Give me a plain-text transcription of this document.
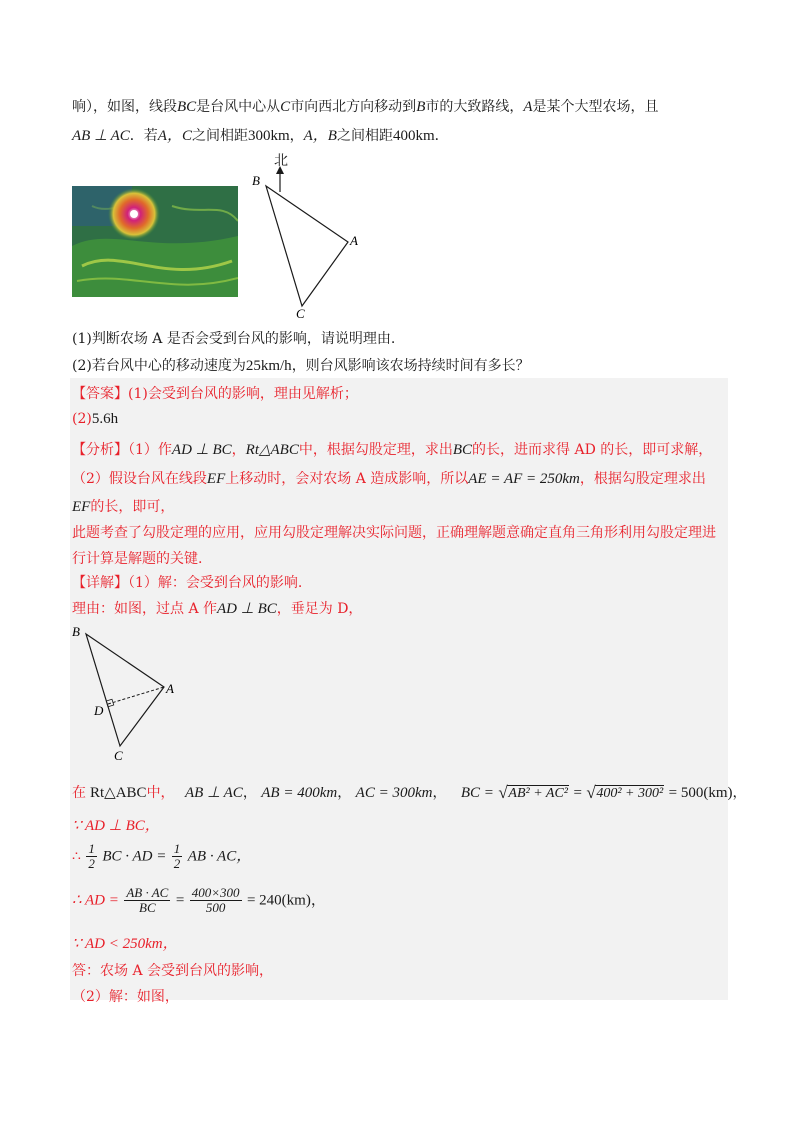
响），如图，线段BC是台风中心从C市向西北方向移动到B市的大致路线，A是某个大型农场，且
AB ⊥ AC．若A，C之间相距300km，A，B之间相距400km．
B
A
C
北
(1)判断农场 A 是否会受到台风的影响，请说明理由.
(2)若台风中心的移动速度为25km/h，则台风影响该农场持续时间有多长？
【答案】(1)会受到台风的影响，理由见解析；
(2)5.6h
【分析】（1）作AD ⊥ BC，Rt△ABC中，根据勾股定理，求出BC的长，进而求得 AD 的长，即可求解，
（2）假设台风在线段EF上移动时，会对农场 A 造成影响，所以AE = AF = 250km，根据勾股定理求出
EF的长，即可，
此题考查了勾股定理的应用，应用勾股定理解决实际问题，正确理解题意确定直角三角形利用勾股定理进
行计算是解题的关键.
【详解】（1）解：会受到台风的影响.
理由：如图，过点 A 作AD ⊥ BC，垂足为 D，
B
A
D
C
在 Rt△ABC中， AB ⊥ AC， AB = 400km， AC = 300km， BC = √ AB² + AC² = √ 400² + 300² = 500(km)，
∵ AD ⊥ BC，
∴ $\frac{1}{2}$ BC · AD = $\frac{1}{2}$ AB · AC，
∴ AD = $\frac{AB \cdot AC}{BC} = \frac{400\times 300}{500} = 240(km)$，
∵ AD < 250km，
答：农场 A 会受到台风的影响，
（2）解：如图，
